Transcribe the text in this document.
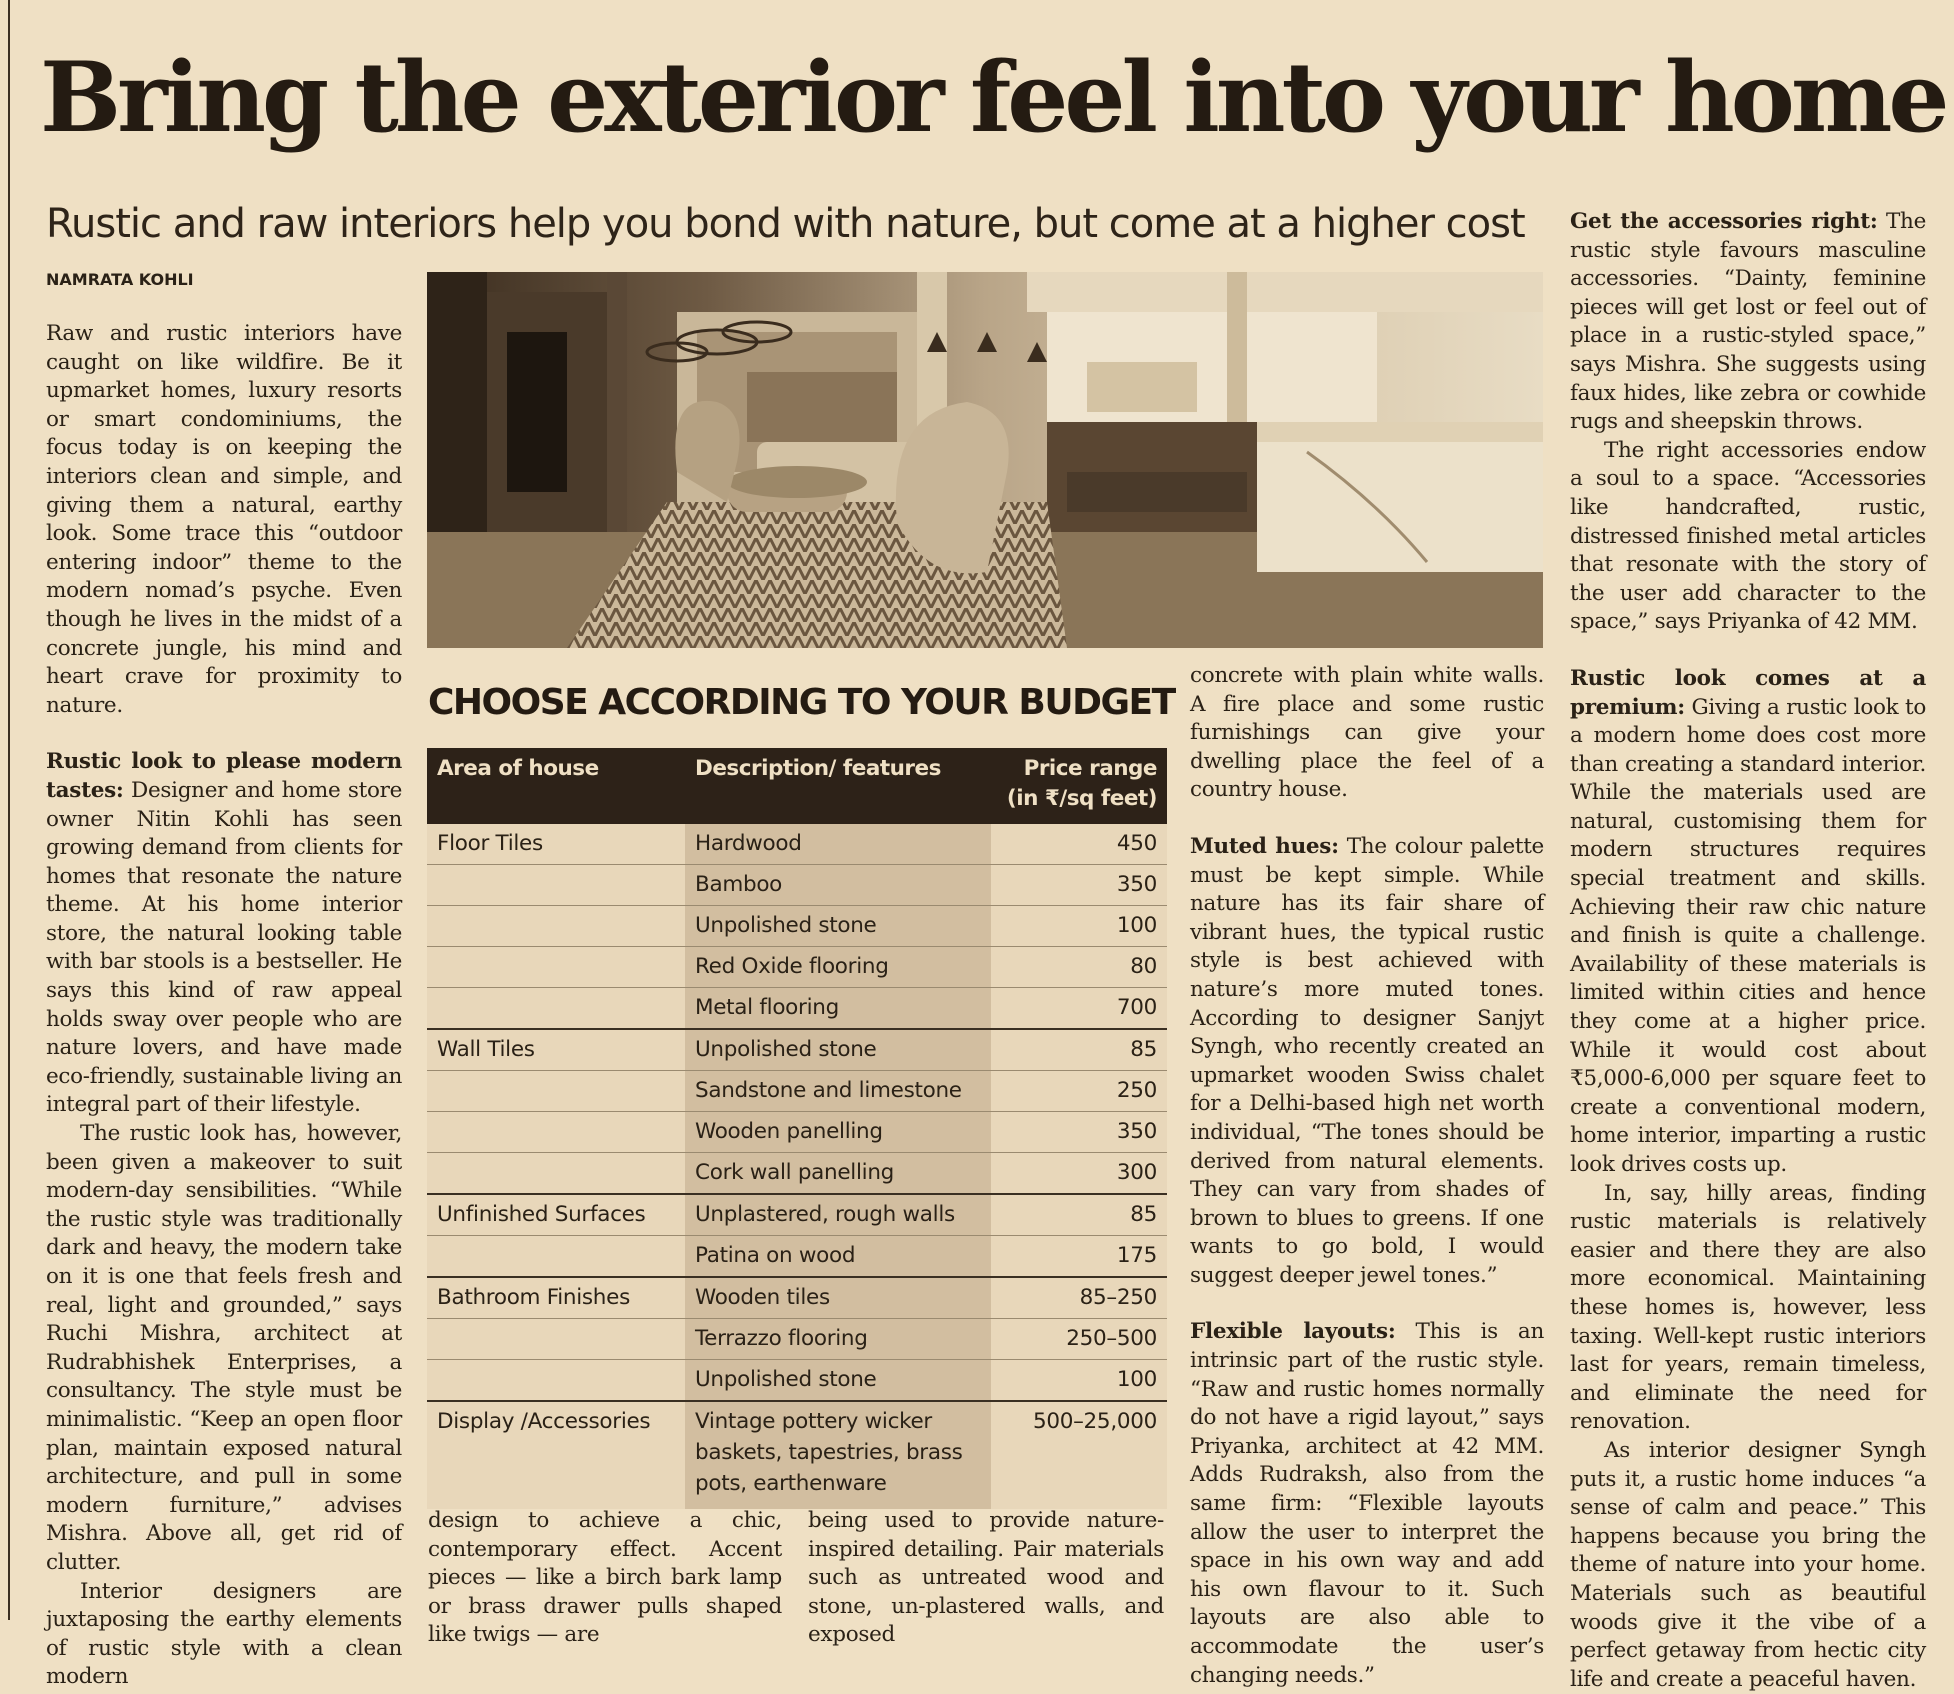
Bring the exterior feel into your home
Rustic and raw interiors help you bond with nature, but come at a higher cost
NAMRATA KOHLI

Raw and rustic interiors have caught on like wildfire. Be it upmarket homes, luxury resorts or smart condominiums, the focus today is on keeping the interiors clean and simple, and giving them a natural, earthy look. Some trace this “outdoor entering indoor” theme to the modern nomad’s psyche. Even though he lives in the midst of a concrete jungle, his mind and heart crave for proximity to nature.

Rustic look to please modern tastes: Designer and home store owner Nitin Kohli has seen growing demand from clients for homes that resonate the nature theme. At his home interior store, the natural looking table with bar stools is a bestseller. He says this kind of raw appeal holds sway over people who are nature lovers, and have made eco-friendly, sustainable living an integral part of their lifestyle.

The rustic look has, however, been given a makeover to suit modern-day sensibilities. “While the rustic style was traditionally dark and heavy, the modern take on it is one that feels fresh and real, light and grounded,” says Ruchi Mishra, architect at Rudrabhishek Enterprises, a consultancy. The style must be minimalistic. “Keep an open floor plan, maintain exposed natural architecture, and pull in some modern furniture,” advises Mishra. Above all, get rid of clutter.

Interior designers are juxtaposing the earthy elements of rustic style with a clean modern

CHOOSE ACCORDING TO YOUR BUDGET
Area of house	Description/ features	Price range (in ₹/sq feet)
Floor Tiles	Hardwood	450
	Bamboo	350
	Unpolished stone	100
	Red Oxide flooring	80
	Metal flooring	700
Wall Tiles	Unpolished stone	85
	Sandstone and limestone	250
	Wooden panelling	350
	Cork wall panelling	300
Unfinished Surfaces	Unplastered, rough walls	85
	Patina on wood	175
Bathroom Finishes	Wooden tiles	85–250
	Terrazzo flooring	250–500
	Unpolished stone	100
Display /Accessories	Vintage pottery wicker baskets, tapestries, brass pots, earthenware	500–25,000

design to achieve a chic, contemporary effect. Accent pieces — like a birch bark lamp or brass drawer pulls shaped like twigs — are

being used to provide nature-inspired detailing. Pair materials such as untreated wood and stone, un-plastered walls, and exposed

concrete with plain white walls. A fire place and some rustic furnishings can give your dwelling place the feel of a country house.

Muted hues: The colour palette must be kept simple. While nature has its fair share of vibrant hues, the typical rustic style is best achieved with nature’s more muted tones. According to designer Sanjyt Syngh, who recently created an upmarket wooden Swiss chalet for a Delhi-based high net worth individual, “The tones should be derived from natural elements. They can vary from shades of brown to blues to greens. If one wants to go bold, I would suggest deeper jewel tones.”

Flexible layouts: This is an intrinsic part of the rustic style. “Raw and rustic homes normally do not have a rigid layout,” says Priyanka, architect at 42 MM. Adds Rudraksh, also from the same firm: “Flexible layouts allow the user to interpret the space in his own way and add his own flavour to it. Such layouts are also able to accommodate the user’s changing needs.”

Get the accessories right: The rustic style favours masculine accessories. “Dainty, feminine pieces will get lost or feel out of place in a rustic-styled space,” says Mishra. She suggests using faux hides, like zebra or cowhide rugs and sheepskin throws.

The right accessories endow a soul to a space. “Accessories like handcrafted, rustic, distressed finished metal articles that resonate with the story of the user add character to the space,” says Priyanka of 42 MM.

Rustic look comes at a premium: Giving a rustic look to a modern home does cost more than creating a standard interior. While the materials used are natural, customising them for modern structures requires special treatment and skills. Achieving their raw chic nature and finish is quite a challenge. Availability of these materials is limited within cities and hence they come at a higher price. While it would cost about ₹5,000-6,000 per square feet to create a conventional modern, home interior, imparting a rustic look drives costs up.

In, say, hilly areas, finding rustic materials is relatively easier and there they are also more economical. Maintaining these homes is, however, less taxing. Well-kept rustic interiors last for years, remain timeless, and eliminate the need for renovation.

As interior designer Syngh puts it, a rustic home induces “a sense of calm and peace.” This happens because you bring the theme of nature into your home. Materials such as beautiful woods give it the vibe of a perfect getaway from hectic city life and create a peaceful haven.
